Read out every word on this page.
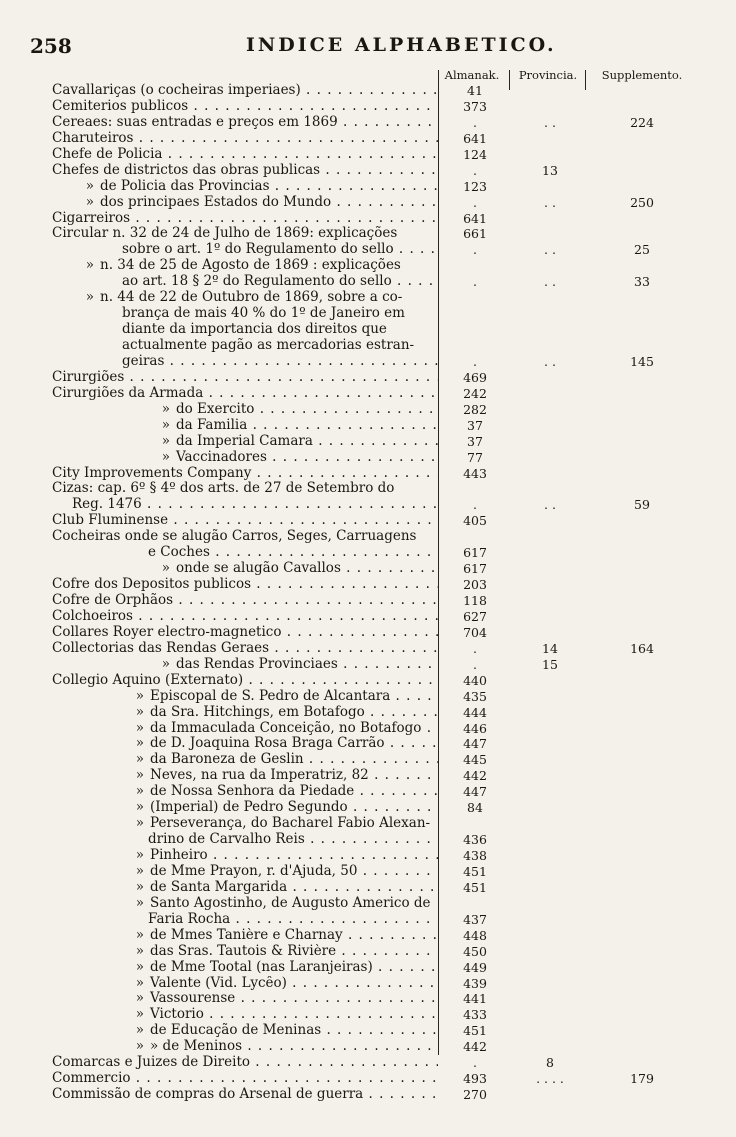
258	INDICE ALPHABETICO.
Almanak.	Provincia.	Supplemento.
Cavallariças (o cocheiras imperiaes) . . .	41
Cemiterios publicos . . .	373
Cereaes: suas entradas e preços em 1869 . . .	.	. .	224
Charuteiros . . .	641
Chefe de Policia . . .	124
Chefes de districtos das obras publicas . . .	.	13
» de Policia das Provincias . . .	123
» dos principaes Estados do Mundo . . .	.	. .	250
Cigarreiros . . .	641
Circular n. 32 de 24 de Julho de 1869: explicações	661
sobre o art. 1º do Regulamento do sello . . .	.	. .	25
» n. 34 de 25 de Agosto de 1869 : explicações
ao art. 18 § 2º do Regulamento do sello . . .	.	. .	33
» n. 44 de 22 de Outubro de 1869, sobre a co-
brança de mais 40 % do 1º de Janeiro em
diante da importancia dos direitos que
actualmente pagão as mercadorias estran-
geiras . . .	.	. .	145
Cirurgiões . . .	469
Cirurgiões da Armada . . .	242
» do Exercito . . .	282
» da Familia . . .	37
» da Imperial Camara . . .	37
» Vaccinadores . . .	77
City Improvements Company . . .	443
Cizas: cap. 6º § 4º dos arts. de 27 de Setembro do
Reg. 1476 . . .	.	. .	59
Club Fluminense . . .	405
Cocheiras onde se alugão Carros, Seges, Carruagens
e Coches . . .	617
» onde se alugão Cavallos . . .	617
Cofre dos Depositos publicos . . .	203
Cofre de Orphãos . . .	118
Colchoeiros . . .	627
Collares Royer electro-magnetico . . .	704
Collectorias das Rendas Geraes . . .	.	14	164
» das Rendas Provinciaes . . .	.	15
Collegio Aquino (Externato) . . .	440
» Episcopal de S. Pedro de Alcantara . . .	435
» da Sra. Hitchings, em Botafogo . . .	444
» da Immaculada Conceição, no Botafogo . . .	446
» de D. Joaquina Rosa Braga Carrão . . .	447
» da Baroneza de Geslin . . .	445
» Neves, na rua da Imperatriz, 82 . . .	442
» de Nossa Senhora da Piedade . . .	447
» (Imperial) de Pedro Segundo . . .	84
» Perseverança, do Bacharel Fabio Alexan-
drino de Carvalho Reis . . .	436
» Pinheiro . . .	438
» de Mme Prayon, r. d'Ajuda, 50 . . .	451
» de Santa Margarida . . .	451
» Santo Agostinho, de Augusto Americo de
Faria Rocha . . .	437
» de Mmes Tanière e Charnay . . .	448
» das Sras. Tautois & Rivière . . .	450
» de Mme Tootal (nas Laranjeiras) . . .	449
» Valente (Vid. Lycêo) . . .	439
» Vassourense . . .	441
» Victorio . . .	433
» de Educação de Meninas . . .	451
» » de Meninos . . .	442
Comarcas e Juizes de Direito . . .	.	8
Commercio . . .	493	. . . .	179
Commissão de compras do Arsenal de guerra . . .	270
